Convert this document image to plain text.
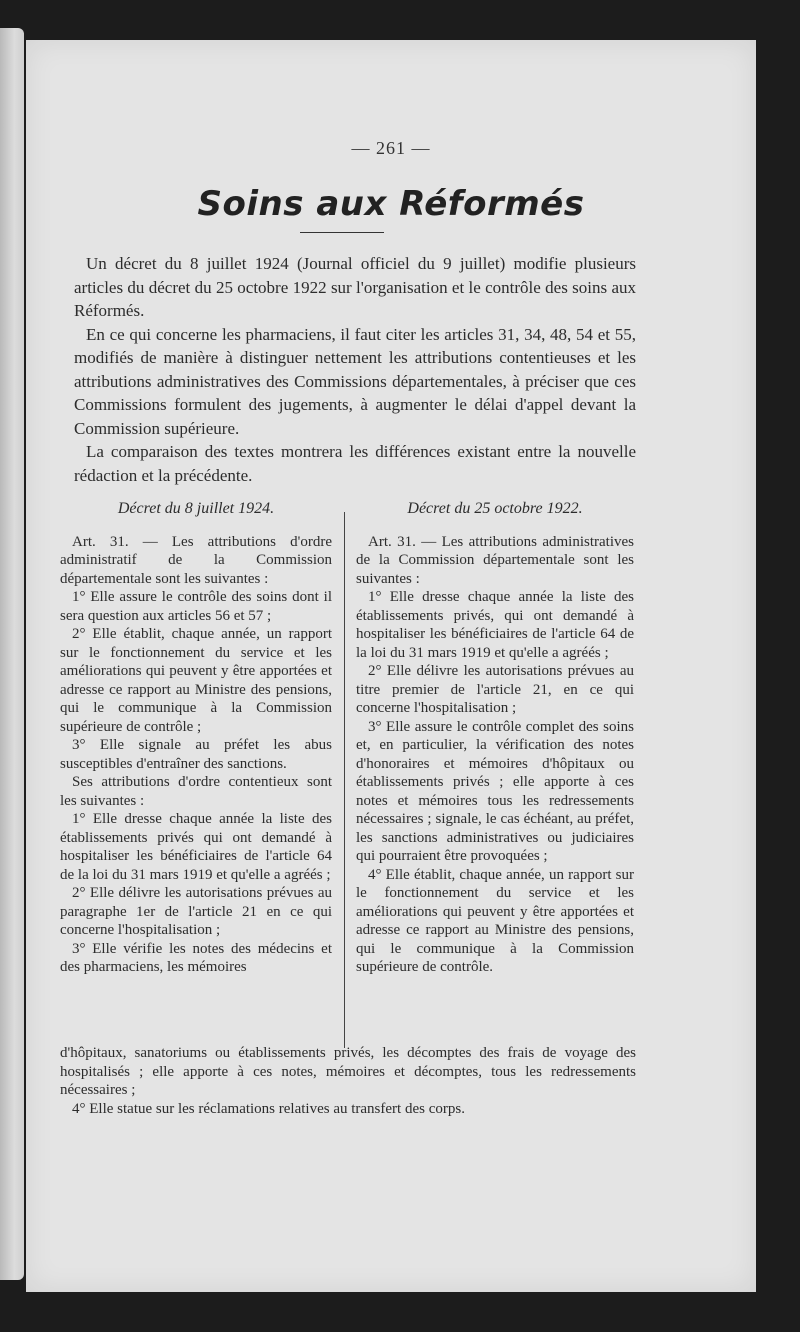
— 261 —
Soins aux Réformés

Un décret du 8 juillet 1924 (Journal officiel du 9 juillet) modifie plusieurs articles du décret du 25 octobre 1922 sur l'organisation et le contrôle des soins aux Réformés.

En ce qui concerne les pharmaciens, il faut citer les articles 31, 34, 48, 54 et 55, modifiés de manière à distinguer nettement les attributions contentieuses et les attributions administratives des Commissions départementales, à préciser que ces Commissions formulent des jugements, à augmenter le délai d'appel devant la Commission supérieure.

La comparaison des textes montrera les différences existant entre la nouvelle rédaction et la précédente.

Décret du 8 juillet 1924.

Art. 31. — Les attributions d'ordre administratif de la Commission départementale sont les suivantes :

1° Elle assure le contrôle des soins dont il sera question aux articles 56 et 57 ;

2° Elle établit, chaque année, un rapport sur le fonctionnement du service et les améliorations qui peuvent y être apportées et adresse ce rapport au Ministre des pensions, qui le communique à la Commission supérieure de contrôle ;

3° Elle signale au préfet les abus susceptibles d'entraîner des sanctions.

Ses attributions d'ordre contentieux sont les suivantes :

1° Elle dresse chaque année la liste des établissements privés qui ont demandé à hospitaliser les bénéficiaires de l'article 64 de la loi du 31 mars 1919 et qu'elle a agréés ;

2° Elle délivre les autorisations prévues au paragraphe 1er de l'article 21 en ce qui concerne l'hospitalisation ;

3° Elle vérifie les notes des médecins et des pharmaciens, les mémoires

Décret du 25 octobre 1922.

Art. 31. — Les attributions administratives de la Commission départementale sont les suivantes :

1° Elle dresse chaque année la liste des établissements privés, qui ont demandé à hospitaliser les bénéficiaires de l'article 64 de la loi du 31 mars 1919 et qu'elle a agréés ;

2° Elle délivre les autorisations prévues au titre premier de l'article 21, en ce qui concerne l'hospitalisation ;

3° Elle assure le contrôle complet des soins et, en particulier, la vérification des notes d'honoraires et mémoires d'hôpitaux ou établissements privés ; elle apporte à ces notes et mémoires tous les redressements nécessaires ; signale, le cas échéant, au préfet, les sanctions administratives ou judiciaires qui pourraient être provoquées ;

4° Elle établit, chaque année, un rapport sur le fonctionnement du service et les améliorations qui peuvent y être apportées et adresse ce rapport au Ministre des pensions, qui le communique à la Commission supérieure de contrôle.

d'hôpitaux, sanatoriums ou établissements privés, les décomptes des frais de voyage des hospitalisés ; elle apporte à ces notes, mémoires et décomptes, tous les redressements nécessaires ;

4° Elle statue sur les réclamations relatives au transfert des corps.
